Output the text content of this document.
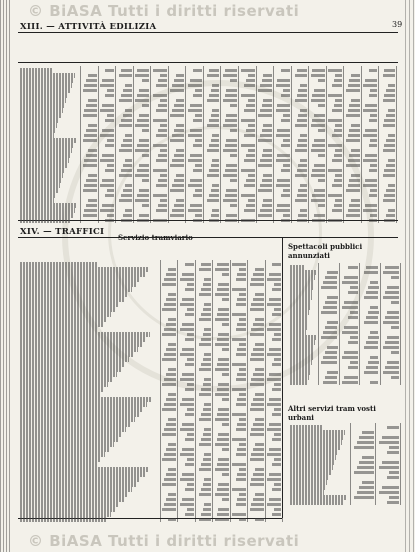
© BiASA Tutti i diritti riservati
© BiASA Tutti i diritti riservati
39
XIII. — ATTIVITÀ EDILIZIA
XIV. — TRAFFICI
Servizio tramviario
Spettacoli pubblici annunziati
Altri servizi tram vosti urbani
